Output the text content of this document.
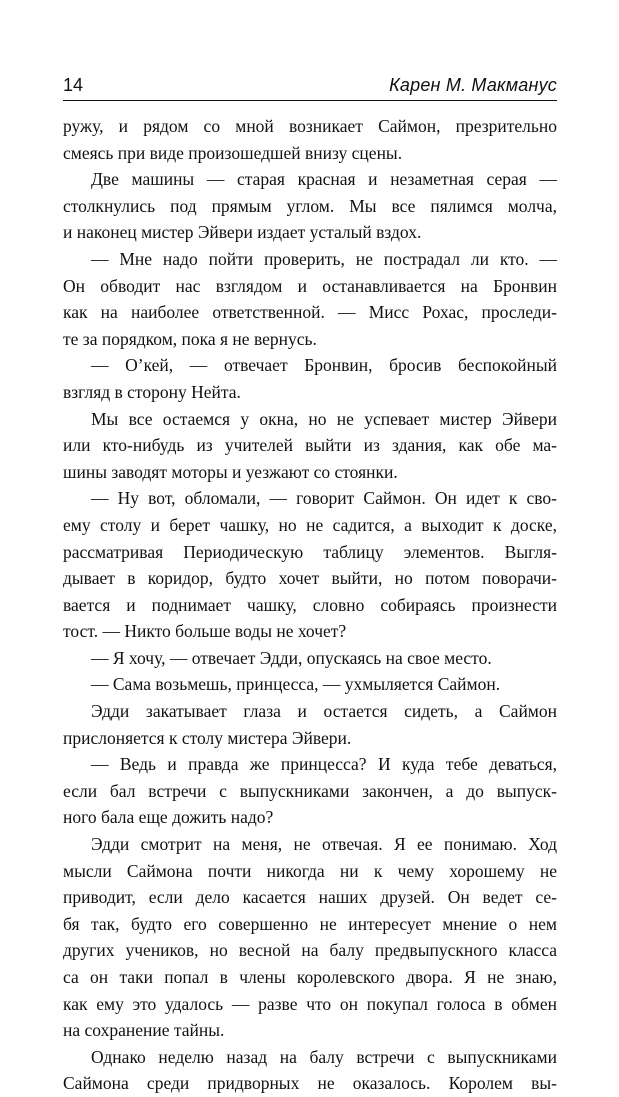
14	Карен М. Макманус
ружу, и рядом со мной возникает Саймон, презрительно
смеясь при виде произошедшей внизу сцены.
Две машины — старая красная и незаметная серая —
столкнулись под прямым углом. Мы все пялимся молча,
и наконец мистер Эйвери издает усталый вздох.
— Мне надо пойти проверить, не пострадал ли кто. —
Он обводит нас взглядом и останавливается на Бронвин
как на наиболее ответственной. — Мисс Рохас, проследи-
те за порядком, пока я не вернусь.
— О’кей, — отвечает Бронвин, бросив беспокойный
взгляд в сторону Нейта.
Мы все остаемся у окна, но не успевает мистер Эйвери
или кто-нибудь из учителей выйти из здания, как обе ма-
шины заводят моторы и уезжают со стоянки.
— Ну вот, обломали, — говорит Саймон. Он идет к сво-
ему столу и берет чашку, но не садится, а выходит к доске,
рассматривая Периодическую таблицу элементов. Выгля-
дывает в коридор, будто хочет выйти, но потом поворачи-
вается и поднимает чашку, словно собираясь произнести
тост. — Никто больше воды не хочет?
— Я хочу, — отвечает Эдди, опускаясь на свое место.
— Сама возьмешь, принцесса, — ухмыляется Саймон.
Эдди закатывает глаза и остается сидеть, а Саймон
прислоняется к столу мистера Эйвери.
— Ведь и правда же принцесса? И куда тебе деваться,
если бал встречи с выпускниками закончен, а до выпуск-
ного бала еще дожить надо?
Эдди смотрит на меня, не отвечая. Я ее понимаю. Ход
мысли Саймона почти никогда ни к чему хорошему не
приводит, если дело касается наших друзей. Он ведет се-
бя так, будто его совершенно не интересует мнение о нем
других учеников, но весной на балу предвыпускного класса
са он таки попал в члены королевского двора. Я не знаю,
как ему это удалось — разве что он покупал голоса в обмен
на сохранение тайны.
Однако неделю назад на балу встречи с выпускниками
Саймона среди придворных не оказалось. Королем вы-
